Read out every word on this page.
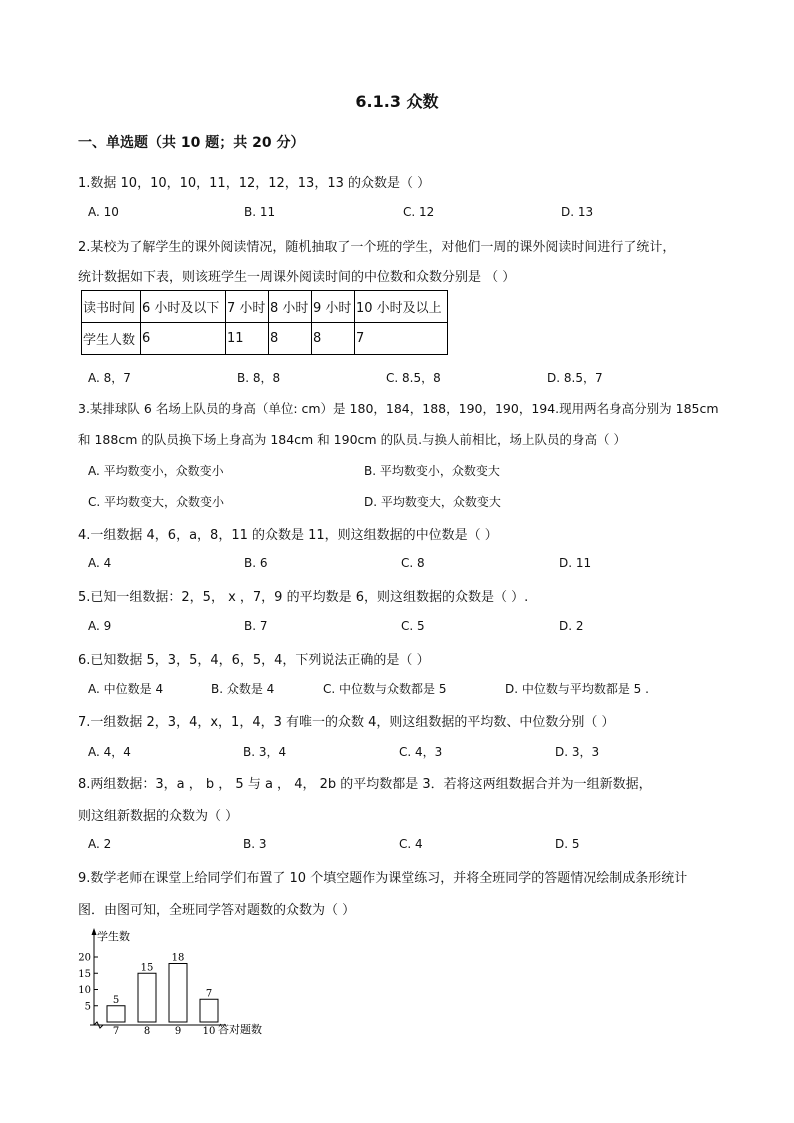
6.1.3 众数
一、单选题（共 10 题；共 20 分）
1.数据 10，10，10，11，12，12，13，13 的众数是（ ）
A. 10	B. 11	C. 12	D. 13
2.某校为了解学生的课外阅读情况，随机抽取了一个班的学生，对他们一周的课外阅读时间进行了统计，
统计数据如下表，则该班学生一周课外阅读时间的中位数和众数分别是 （ ）
读书时间	6 小时及以下	7 小时	8 小时	9 小时	10 小时及以上
学生人数	6	11	8	8	7
A. 8，7	B. 8，8	C. 8.5，8	D. 8.5，7
3.某排球队 6 名场上队员的身高（单位: cm）是 180，184，188，190，190，194.现用两名身高分别为 185cm
和 188cm 的队员换下场上身高为 184cm 和 190cm 的队员.与换人前相比，场上队员的身高（ ）
A. 平均数变小，众数变小	B. 平均数变小，众数变大
C. 平均数变大，众数变小	D. 平均数变大，众数变大
4.一组数据 4，6，a，8，11 的众数是 11，则这组数据的中位数是（ ）
A. 4	B. 6	C. 8	D. 11
5.已知一组数据：2，5， x ，7，9 的平均数是 6，则这组数据的众数是（ ）.
A. 9	B. 7	C. 5	D. 2
6.已知数据 5，3，5，4，6，5，4，下列说法正确的是（ ）
A. 中位数是 4	B. 众数是 4	C. 中位数与众数都是 5	D. 中位数与平均数都是 5 .
7.一组数据 2，3，4，x，1，4，3 有唯一的众数 4，则这组数据的平均数、中位数分别（ ）
A. 4，4	B. 3，4	C. 4，3	D. 3，3
8.两组数据：3，a ， b ， 5 与 a ， 4， 2b 的平均数都是 3．若将这两组数据合并为一组新数据，
则这组新数据的众数为（ ）
A. 2	B. 3	C. 4	D. 5
9.数学老师在课堂上给同学们布置了 10 个填空题作为课堂练习，并将全班同学的答题情况绘制成条形统计
图．由图可知，全班同学答对题数的众数为（ ）
学生数
答对题数
5
10
15
20
5
7
15
8
18
9
7
10
